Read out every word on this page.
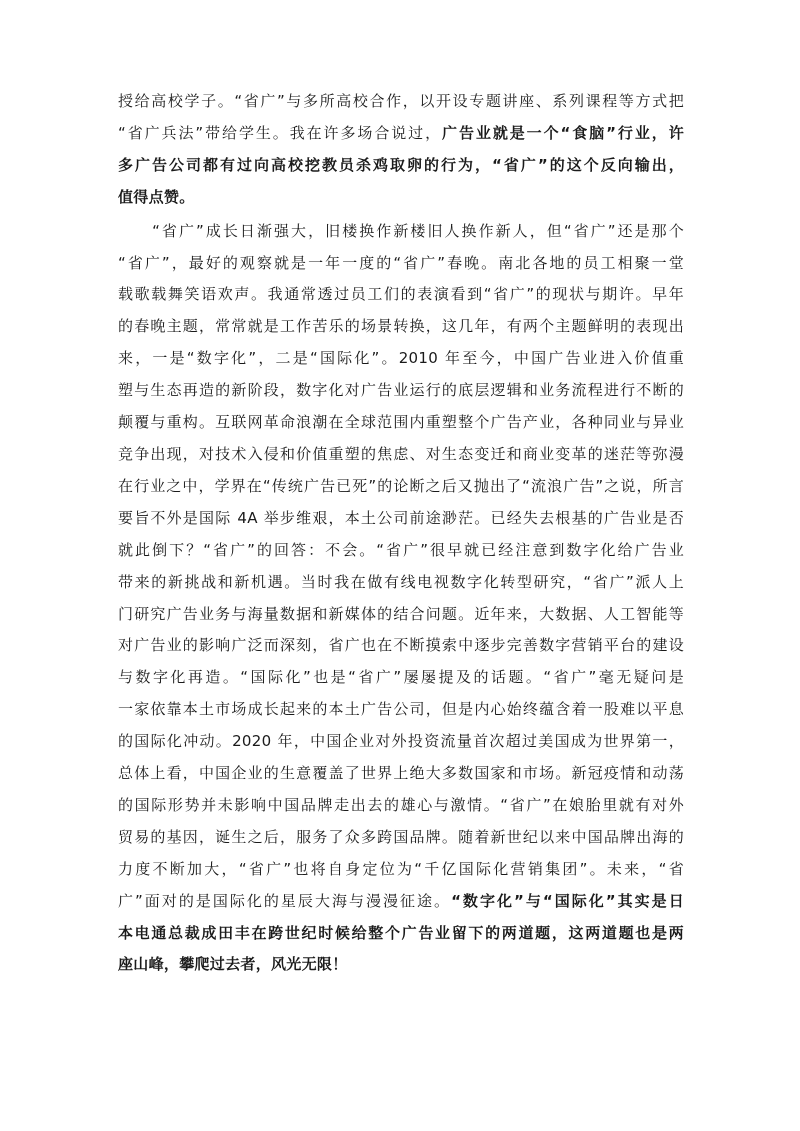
授给高校学子。“省广”与多所高校合作，以开设专题讲座、系列课程等方式把
“省广兵法”带给学生。我在许多场合说过，广告业就是一个“食脑”行业，许
多广告公司都有过向高校挖教员杀鸡取卵的行为，“省广”的这个反向输出，
值得点赞。
　　“省广”成长日渐强大，旧楼换作新楼旧人换作新人，但“省广”还是那个
“省广”，最好的观察就是一年一度的“省广”春晚。南北各地的员工相聚一堂
载歌载舞笑语欢声。我通常透过员工们的表演看到“省广”的现状与期许。早年
的春晚主题，常常就是工作苦乐的场景转换，这几年，有两个主题鲜明的表现出
来，一是“数字化”，二是“国际化”。2010 年至今，中国广告业进入价值重
塑与生态再造的新阶段，数字化对广告业运行的底层逻辑和业务流程进行不断的
颠覆与重构。互联网革命浪潮在全球范围内重塑整个广告产业，各种同业与异业
竞争出现，对技术入侵和价值重塑的焦虑、对生态变迁和商业变革的迷茫等弥漫
在行业之中，学界在“传统广告已死”的论断之后又抛出了“流浪广告”之说，所言
要旨不外是国际 4A 举步维艰，本土公司前途渺茫。已经失去根基的广告业是否
就此倒下？“省广”的回答：不会。“省广”很早就已经注意到数字化给广告业
带来的新挑战和新机遇。当时我在做有线电视数字化转型研究，“省广”派人上
门研究广告业务与海量数据和新媒体的结合问题。近年来，大数据、人工智能等
对广告业的影响广泛而深刻，省广也在不断摸索中逐步完善数字营销平台的建设
与数字化再造。“国际化”也是“省广”屡屡提及的话题。“省广”毫无疑问是
一家依靠本土市场成长起来的本土广告公司，但是内心始终蕴含着一股难以平息
的国际化冲动。2020 年，中国企业对外投资流量首次超过美国成为世界第一，
总体上看，中国企业的生意覆盖了世界上绝大多数国家和市场。新冠疫情和动荡
的国际形势并未影响中国品牌走出去的雄心与激情。“省广”在娘胎里就有对外
贸易的基因，诞生之后，服务了众多跨国品牌。随着新世纪以来中国品牌出海的
力度不断加大，“省广”也将自身定位为“千亿国际化营销集团”。未来，“省
广”面对的是国际化的星辰大海与漫漫征途。“数字化”与“国际化”其实是日
本电通总裁成田丰在跨世纪时候给整个广告业留下的两道题，这两道题也是两
座山峰，攀爬过去者，风光无限！
